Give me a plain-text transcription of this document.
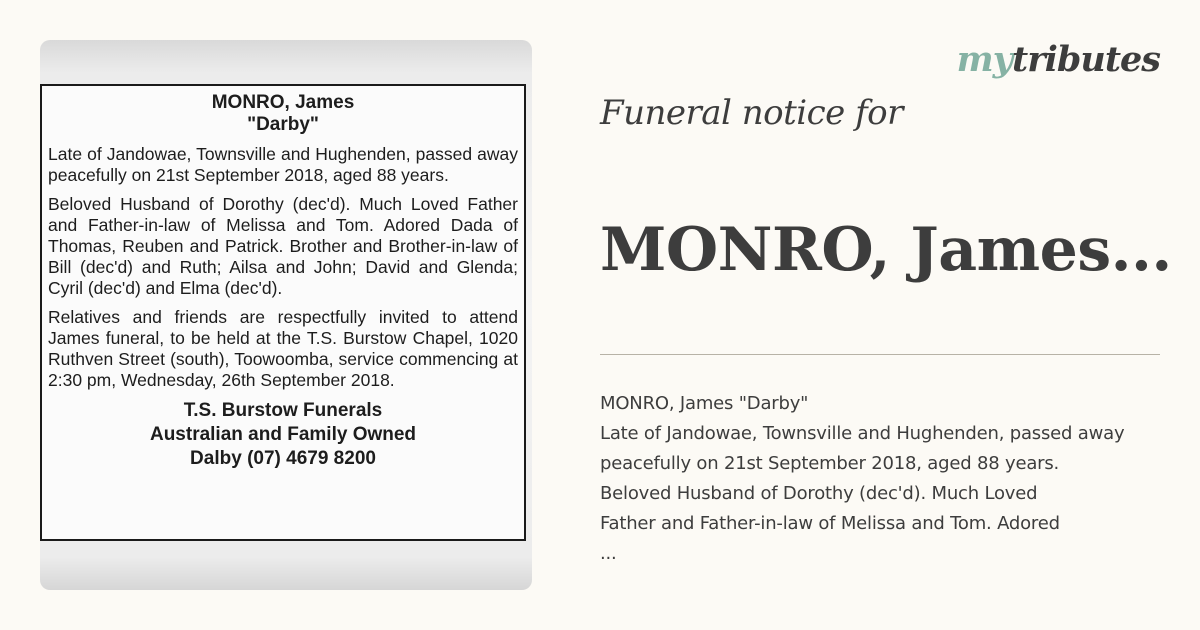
MONRO, James
"Darby"

Late of Jandowae, Townsville and Hughenden, passed away peacefully on 21st September 2018, aged 88 years.

Beloved Husband of Dorothy (dec'd). Much Loved Father and Father-in-law of Melissa and Tom. Adored Dada of Thomas, Reuben and Patrick. Brother and Brother-in-law of Bill (dec'd) and Ruth; Ailsa and John; David and Glenda; Cyril (dec'd) and Elma (dec'd).

Relatives and friends are respectfully invited to attend James funeral, to be held at the T.S. Burstow Chapel, 1020 Ruthven Street (south), Toowoomba, service commencing at 2:30 pm, Wednesday, 26th September 2018.

T.S. Burstow Funerals
Australian and Family Owned
Dalby (07) 4679 8200
mytributes
Funeral notice for
MONRO, James...
MONRO, James "Darby"
Late of Jandowae, Townsville and Hughenden, passed away
peacefully on 21st September 2018, aged 88 years.
Beloved Husband of Dorothy (dec'd). Much Loved
Father and Father-in-law of Melissa and Tom. Adored
...
